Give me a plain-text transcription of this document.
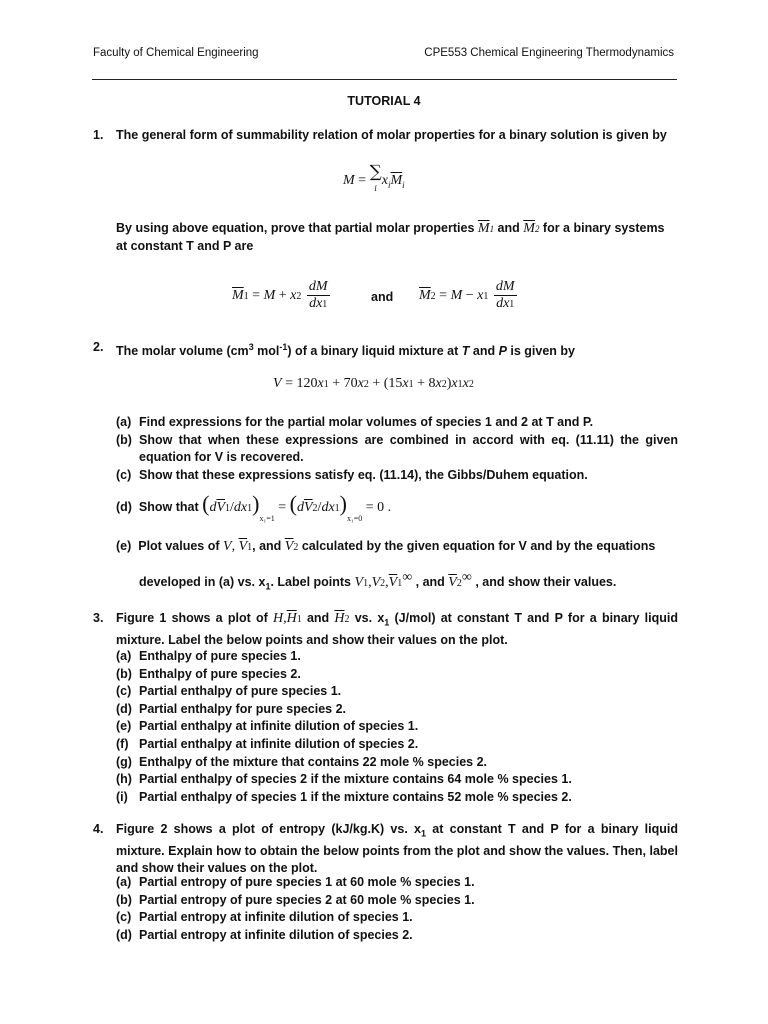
Faculty of Chemical Engineering	CPE553 Chemical Engineering Thermodynamics
TUTORIAL 4
1. The general form of summability relation of molar properties for a binary solution is given by
M = ∑
$ix_i\overline{M}_i$
By using above equation, prove that partial molar properties $\overline{M}1$ and $\overline{M}2$ for a binary systems at constant T and P are
$\overline{M}1 = M + x2 \frac{dM}{dx1}$	and $\overline{M}2 = M - x1 \frac{dM}{dx1}$
2. The molar volume ($cm^3$ mol$^{-1}$) of a binary liquid mixture at T and P is given by
V = 120x1 + 70x2 + (15x1 + 8x2)x1x2
(a) Find expressions for the partial molar volumes of species 1 and 2 at T and P.
(b) Show that when these expressions are combined in accord with eq. (11.11) the given equation for V is recovered.
(c) Show that these expressions satisfy eq. (11.14), the Gibbs/Duhem equation.
(d) Show that $(d\overline{V}1/dx1)_{x_1=1} = (d\overline{V}2/dx1)_{x_1=0} = 0$ .
(e) Plot values of V, $\overline{V}1$, and $\overline{V}2$ calculated by the given equation for V and by the equations
developed in (a) vs. $x_1$. Label points $V1,V2,\overline{V}1^\infty$ , and $\overline{V}2^\infty$ , and show their values.
3. Figure 1 shows a plot of $H,\overline{H}1$ and $\overline{H}2$ vs. $x_1$ (J/mol) at constant T and P for a binary liquid mixture. Label the below points and show their values on the plot.
(a) Enthalpy of pure species 1.
(b) Enthalpy of pure species 2.
(c) Partial enthalpy of pure species 1.
(d) Partial enthalpy for pure species 2.
(e) Partial enthalpy at infinite dilution of species 1.
(f) Partial enthalpy at infinite dilution of species 2.
(g) Enthalpy of the mixture that contains 22 mole % species 2.
(h) Partial enthalpy of species 2 if the mixture contains 64 mole % species 1.
(i) Partial enthalpy of species 1 if the mixture contains 52 mole % species 2.
4. Figure 2 shows a plot of entropy (kJ/kg.K) vs. $x_1$ at constant T and P for a binary liquid mixture. Explain how to obtain the below points from the plot and show the values. Then, label and show their values on the plot.
(a) Partial entropy of pure species 1 at 60 mole % species 1.
(b) Partial entropy of pure species 2 at 60 mole % species 1.
(c) Partial entropy at infinite dilution of species 1.
(d) Partial entropy at infinite dilution of species 2.
